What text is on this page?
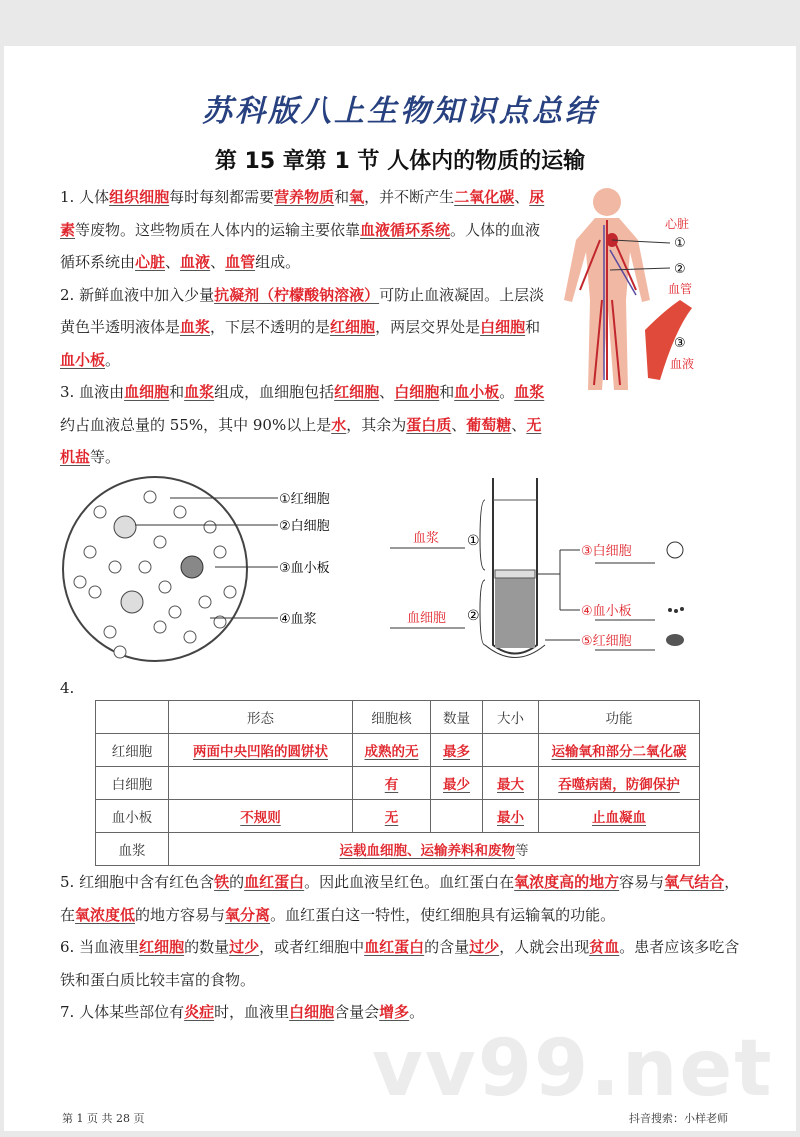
苏科版八上生物知识点总结
第 15 章第 1 节 人体内的物质的运输
1. 人体组织细胞每时每刻都需要营养物质和氧，并不断产生二氧化碳、尿素等废物。这些物质在人体内的运输主要依靠血液循环系统。人体的血液循环系统由心脏、血液、血管组成。
2. 新鲜血液中加入少量抗凝剂（柠檬酸钠溶液）可防止血液凝固。上层淡黄色半透明液体是血浆，下层不透明的是红细胞，两层交界处是白细胞和血小板。
3. 血液由血细胞和血浆组成，血细胞包括红细胞、白细胞和血小板。血浆约占血液总量的 55%，其中 90%以上是水，其余为蛋白质、葡萄糖、无机盐等。
心脏
①
②
血管
③
血液
①红细胞
②白细胞
③血小板
④血浆
血浆
血细胞
①
②
③白细胞
④血小板
⑤红细胞
4.
	形态	细胞核	数量	大小	功能
红细胞	两面中央凹陷的圆饼状	成熟的无	最多		运输氧和部分二氧化碳
白细胞		有	最少	最大	吞噬病菌，防御保护
血小板	不规则	无		最小	止血凝血
血浆	运载血细胞、运输养料和废物等				
5. 红细胞中含有红色含铁的血红蛋白。因此血液呈红色。血红蛋白在氧浓度高的地方容易与氧气结合，在氧浓度低的地方容易与氧分离。血红蛋白这一特性，使红细胞具有运输氧的功能。
6. 当血液里红细胞的数量过少，或者红细胞中血红蛋白的含量过少，人就会出现贫血。患者应该多吃含铁和蛋白质比较丰富的食物。
7. 人体某些部位有炎症时，血液里白细胞含量会增多。
vv99.net
第 1 页 共 28 页	抖音搜索：小样老师
